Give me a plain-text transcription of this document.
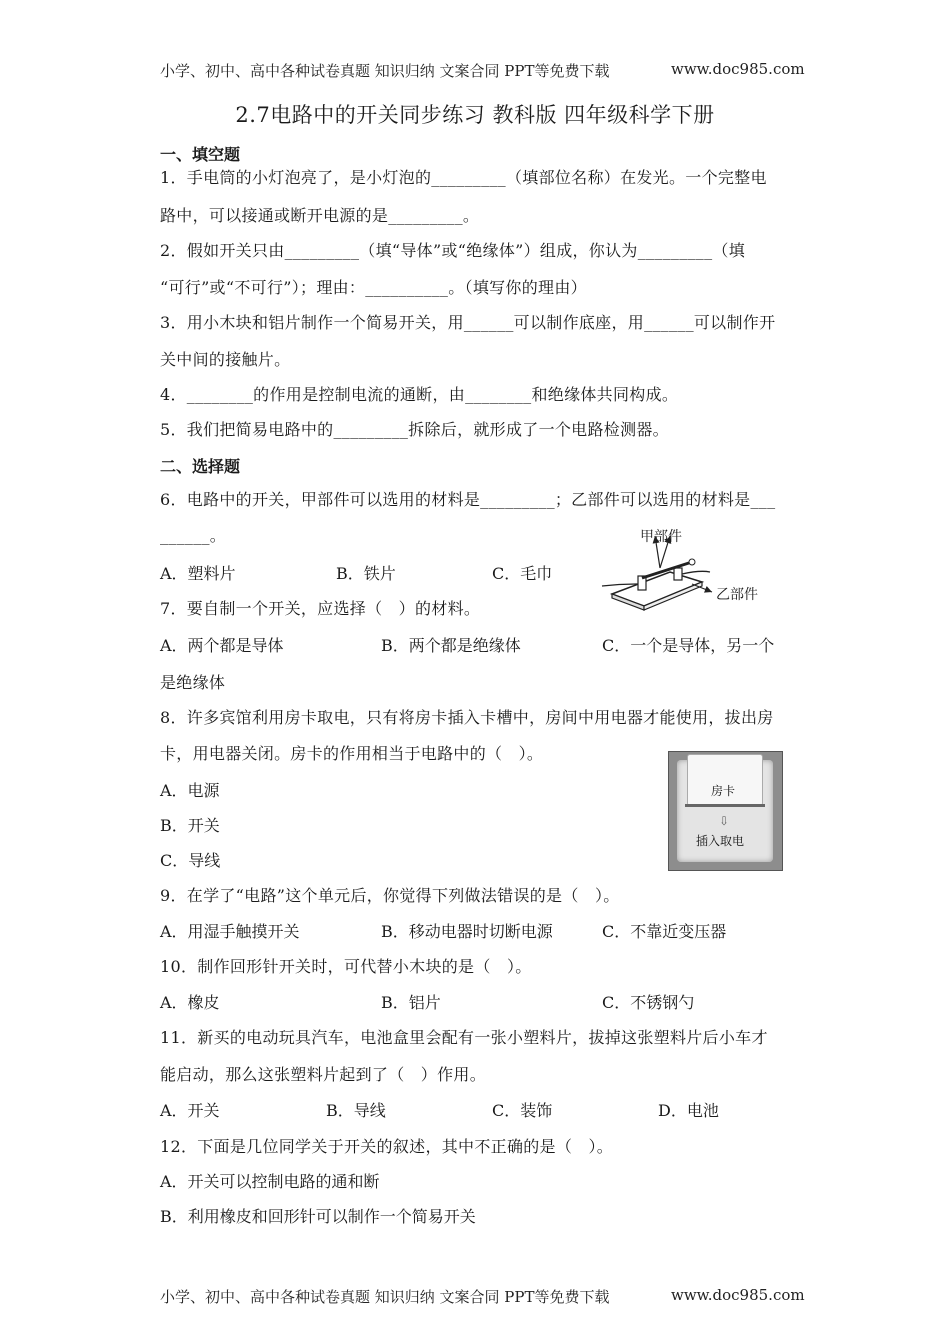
小学、初中、高中各种试卷真题 知识归纳 文案合同 PPT等免费下载	www.doc985.com
2.7电路中的开关同步练习 教科版 四年级科学下册
一、填空题
1．手电筒的小灯泡亮了，是小灯泡的_________（填部位名称）在发光。一个完整电
路中，可以接通或断开电源的是_________。
2．假如开关只由_________（填“导体”或“绝缘体”）组成，你认为_________（填
“可行”或“不可行”）；理由：__________。（填写你的理由）
3．用小木块和铝片制作一个简易开关，用______可以制作底座，用______可以制作开
关中间的接触片。
4．________的作用是控制电流的通断，由________和绝缘体共同构成。
5．我们把简易电路中的_________拆除后，就形成了一个电路检测器。
二、选择题
6．电路中的开关，甲部件可以选用的材料是_________；乙部件可以选用的材料是___
______。
A．塑料片	B．铁片	C．毛巾
甲部件
乙部件
7．要自制一个开关，应选择（　）的材料。
A．两个都是导体	B．两个都是绝缘体	C．一个是导体，另一个
是绝缘体
8．许多宾馆利用房卡取电，只有将房卡插入卡槽中，房间中用电器才能使用，拔出房
卡，用电器关闭。房卡的作用相当于电路中的（　）。
A．电源
B．开关
C．导线
房卡
⇩
插入取电
9．在学了“电路”这个单元后，你觉得下列做法错误的是（　）。
A．用湿手触摸开关	B．移动电器时切断电源	C．不靠近变压器
10．制作回形针开关时，可代替小木块的是（　）。
A．橡皮	B．铝片	C．不锈钢勺
11．新买的电动玩具汽车，电池盒里会配有一张小塑料片，拔掉这张塑料片后小车才
能启动，那么这张塑料片起到了（　）作用。
A．开关	B．导线	C．装饰	D．电池
12．下面是几位同学关于开关的叙述，其中不正确的是（　）。
A．开关可以控制电路的通和断
B．利用橡皮和回形针可以制作一个简易开关
小学、初中、高中各种试卷真题 知识归纳 文案合同 PPT等免费下载	www.doc985.com
